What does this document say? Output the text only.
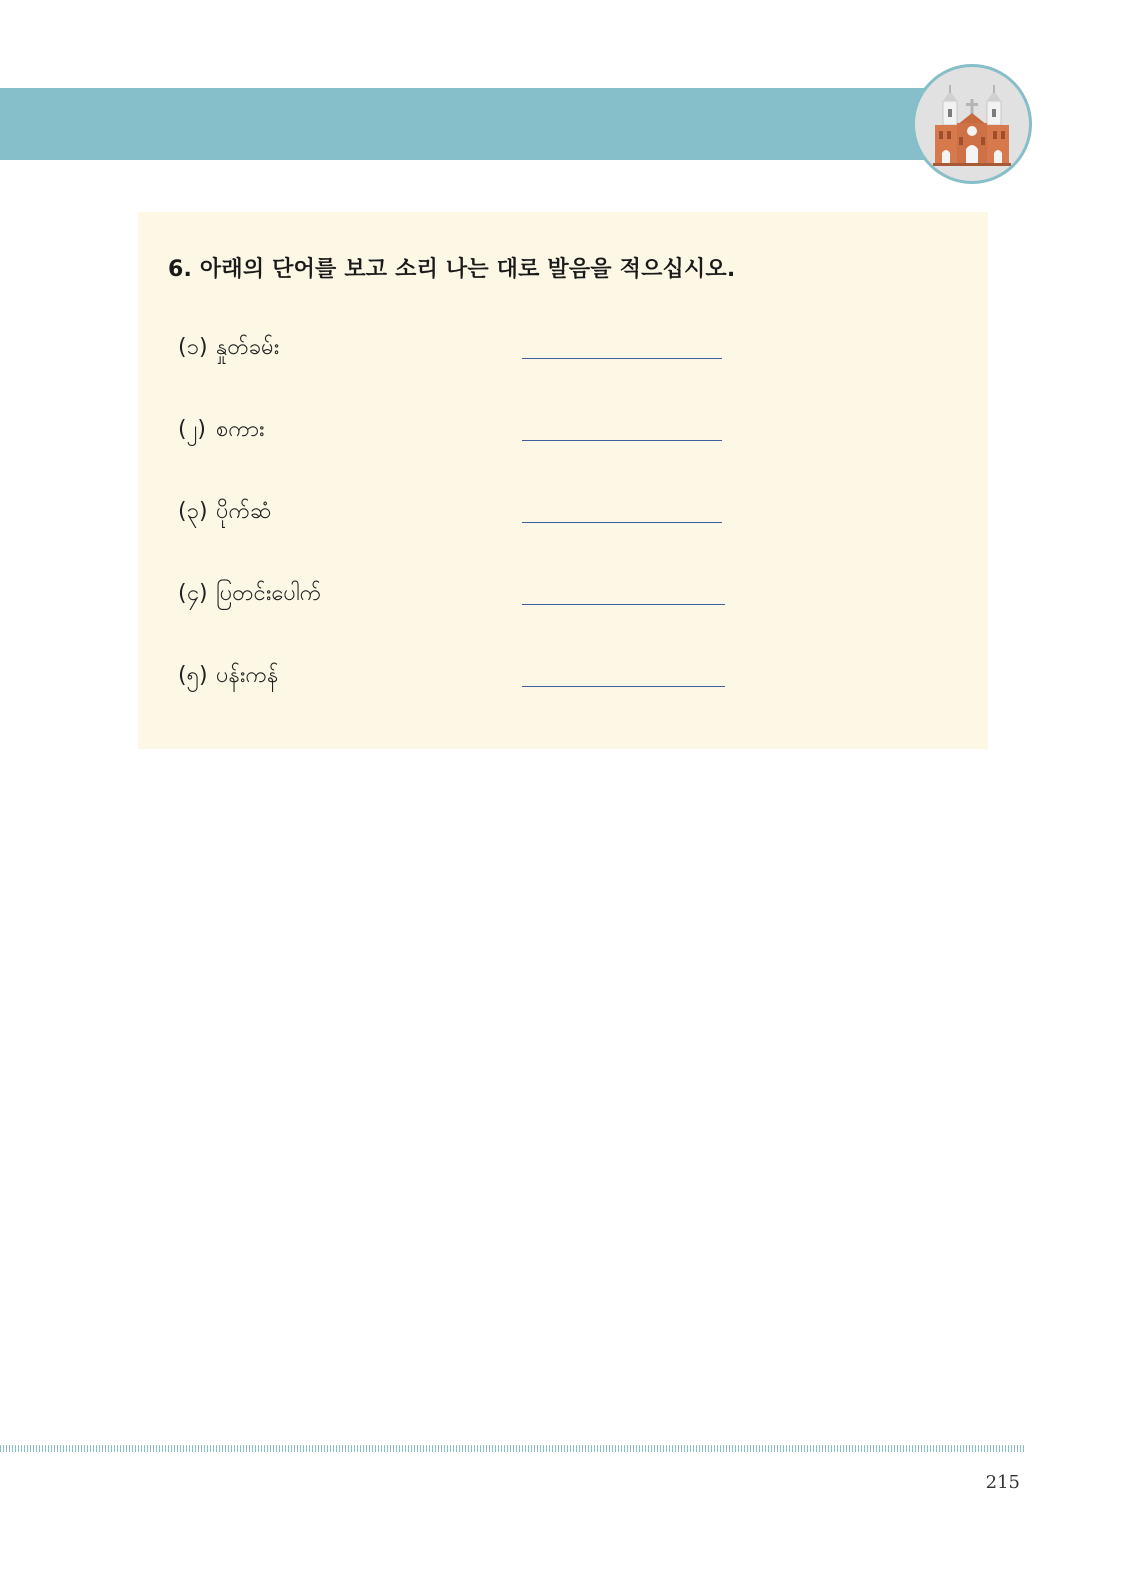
6. 아래의 단어를 보고 소리 나는 대로 발음을 적으십시오.
(၁) နှုတ်ခမ်း
(၂) စကား
(၃) ပိုက်ဆံ
(၄) ပြတင်းပေါက်
(၅) ပန်းကန်
215
